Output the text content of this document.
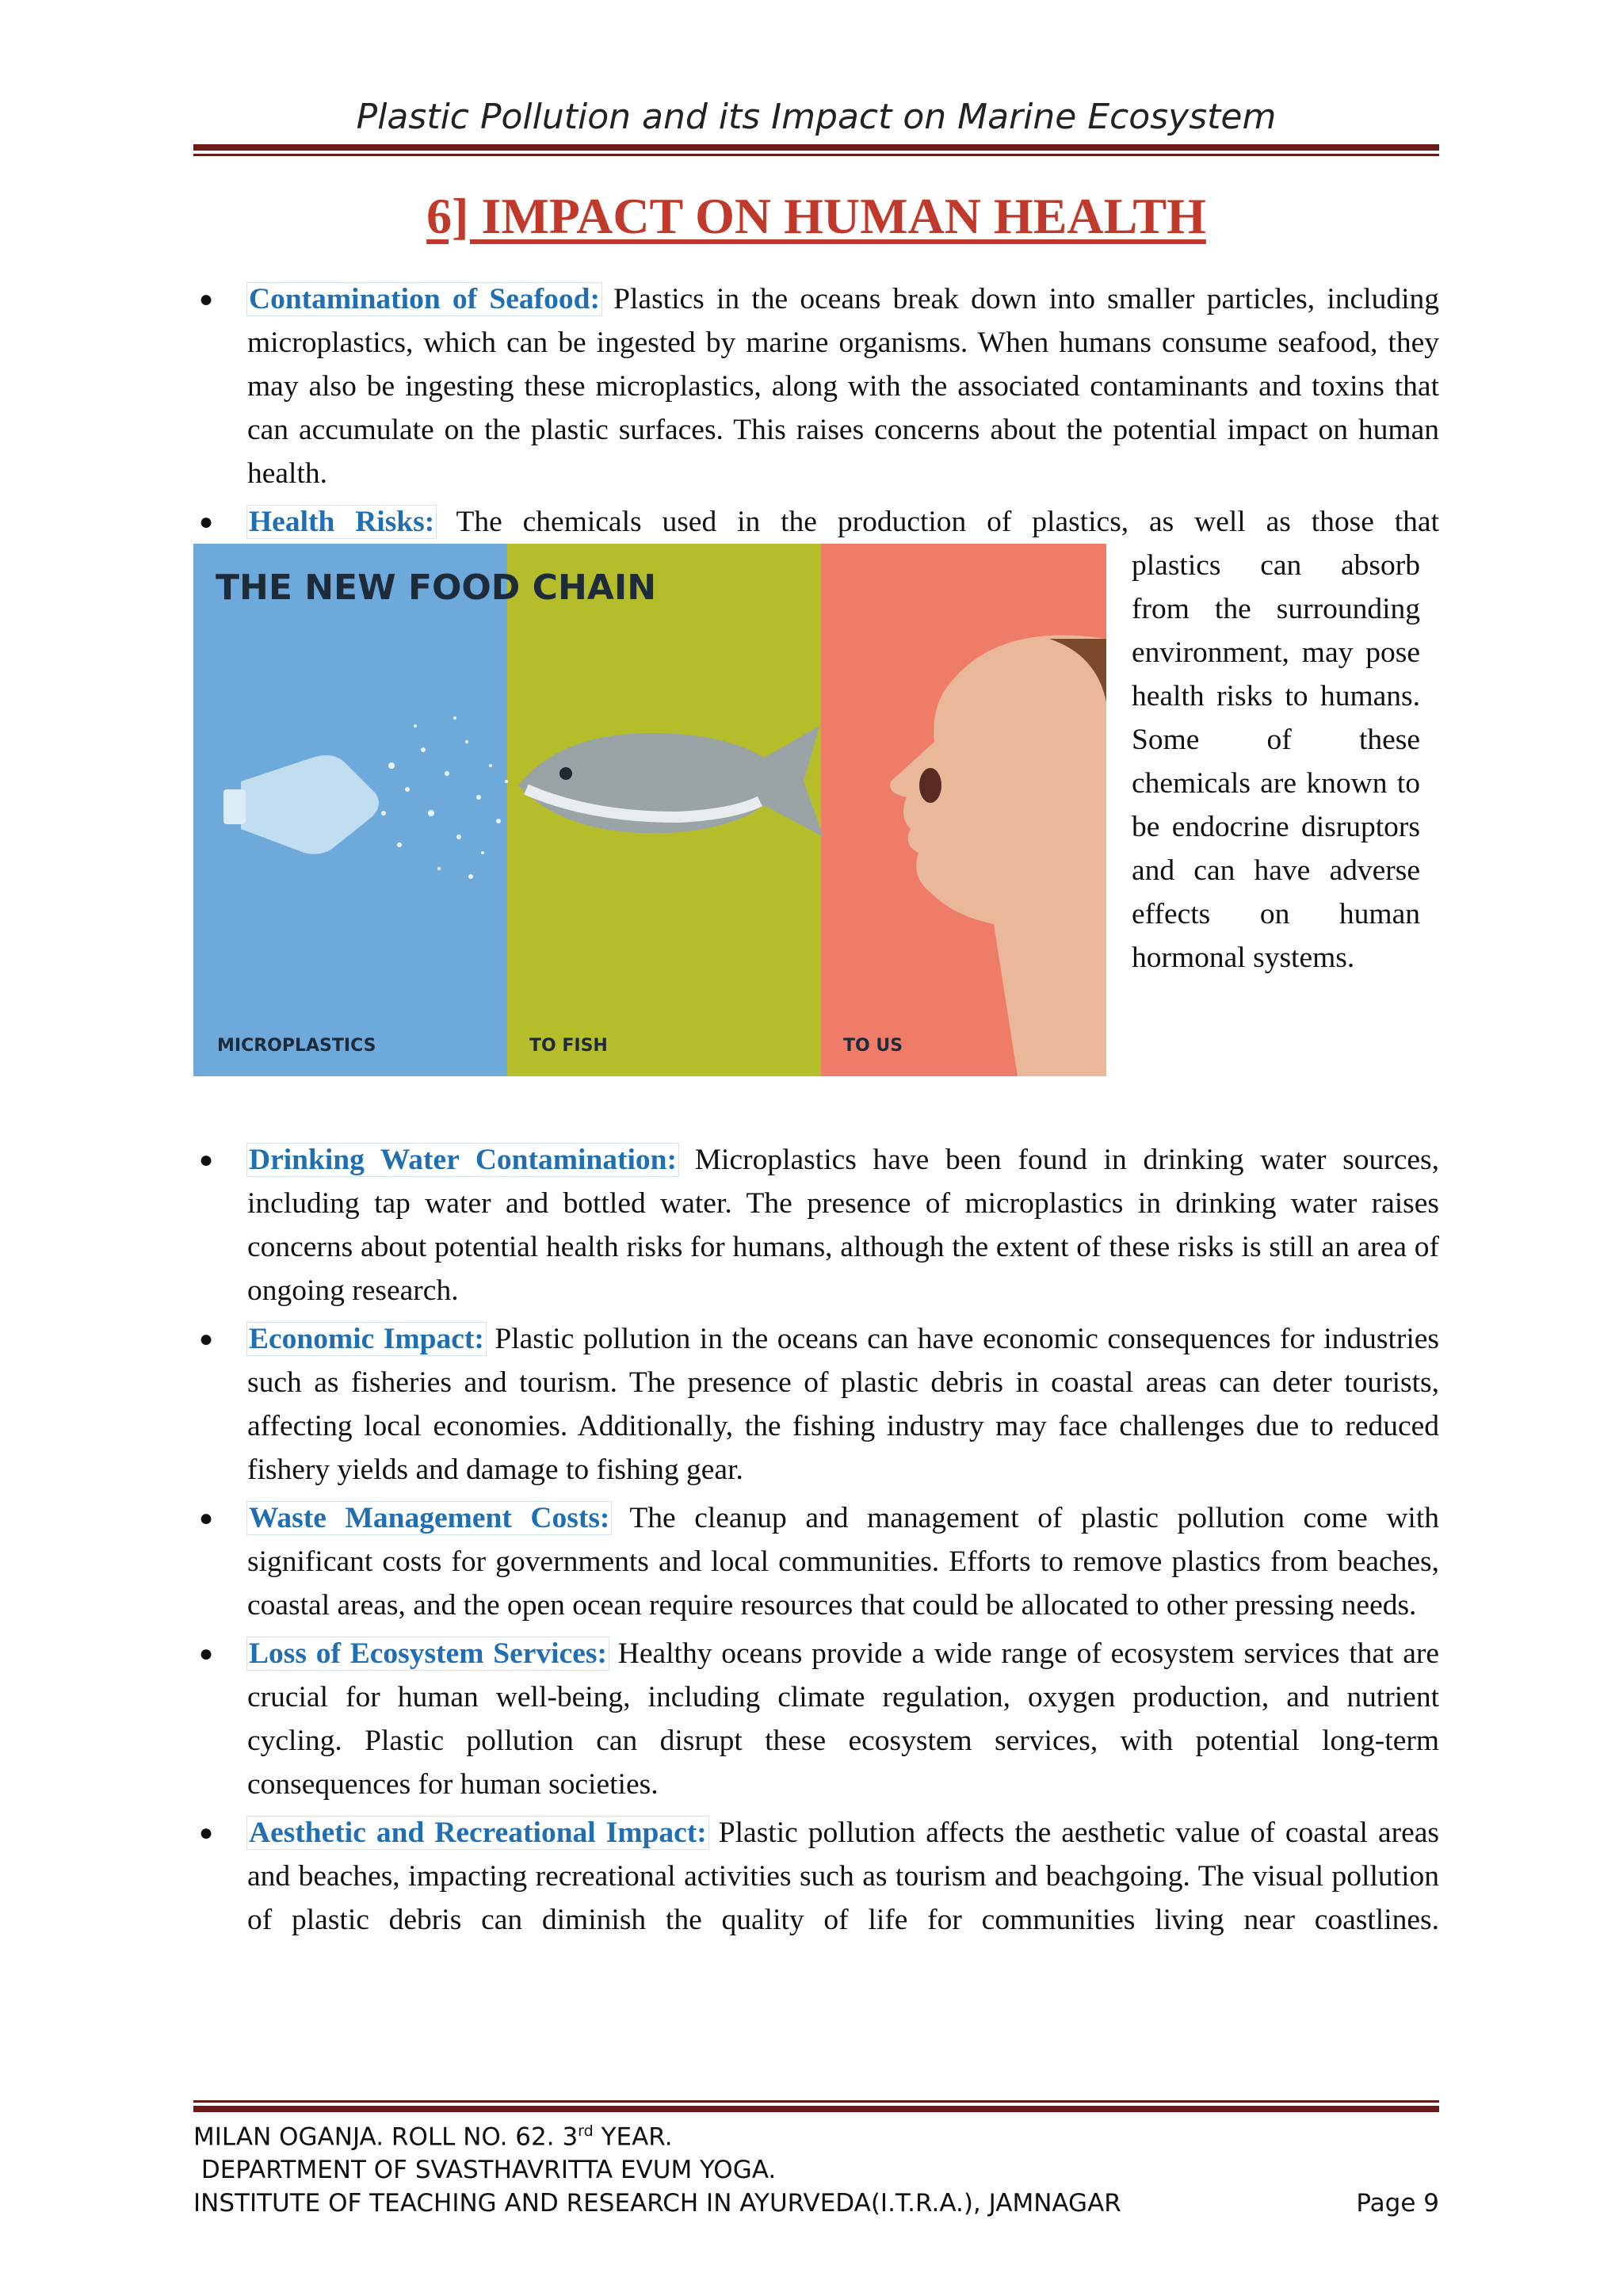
Plastic Pollution and its Impact on Marine Ecosystem
6] IMPACT ON HUMAN HEALTH

● Contamination of Seafood: Plastics in the oceans break down into smaller particles, including microplastics, which can be ingested by marine organisms. When humans consume seafood, they may also be ingesting these microplastics, along with the associated contaminants and toxins that can accumulate on the plastic surfaces. This raises concerns about the potential impact on human health.

● Health Risks: The chemicals used in the production of plastics, as well as those that

plastics can absorb from the surrounding environment, may pose health risks to humans. Some of these chemicals are known to be endocrine disruptors and can have adverse effects on human hormonal systems.
THE NEW FOOD CHAIN
MICROPLASTICS	TO FISH	TO US

● Drinking Water Contamination: Microplastics have been found in drinking water sources, including tap water and bottled water. The presence of microplastics in drinking water raises concerns about potential health risks for humans, although the extent of these risks is still an area of ongoing research.

● Economic Impact: Plastic pollution in the oceans can have economic consequences for industries such as fisheries and tourism. The presence of plastic debris in coastal areas can deter tourists, affecting local economies. Additionally, the fishing industry may face challenges due to reduced fishery yields and damage to fishing gear.

● Waste Management Costs: The cleanup and management of plastic pollution come with significant costs for governments and local communities. Efforts to remove plastics from beaches, coastal areas, and the open ocean require resources that could be allocated to other pressing needs.

● Loss of Ecosystem Services: Healthy oceans provide a wide range of ecosystem services that are crucial for human well-being, including climate regulation, oxygen production, and nutrient cycling. Plastic pollution can disrupt these ecosystem services, with potential long-term consequences for human societies.

● Aesthetic and Recreational Impact: Plastic pollution affects the aesthetic value of coastal areas and beaches, impacting recreational activities such as tourism and beachgoing. The visual pollution of plastic debris can diminish the quality of life for communities living near coastlines.

MILAN OGANJA. ROLL NO. 62. 3rd YEAR.
DEPARTMENT OF SVASTHAVRITTA EVUM YOGA.
INSTITUTE OF TEACHING AND RESEARCH IN AYURVEDA(I.T.R.A.), JAMNAGAR	Page 9
